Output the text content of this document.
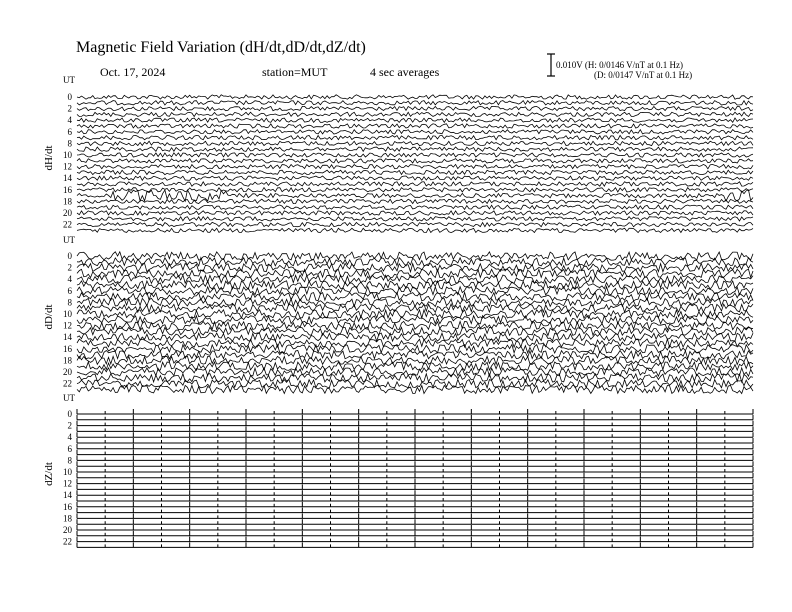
Magnetic Field Variation (dH/dt,dD/dt,dZ/dt)
Oct. 17, 2024	station=MUT	4 sec averages	0.010V (H: 0/0146 V/nT at 0.1 Hz)
(D: 0/0147 V/nT at 0.1 Hz)
UT
dH/dt
0
2
4
6
8
10
12
14
16
18
20
22
UT
dD/dt
0
2
4
6
8
10
12
14
16
18
20
22
UT
dZ/dt
0
2
4
6
8
10
12
14
16
18
20
22
